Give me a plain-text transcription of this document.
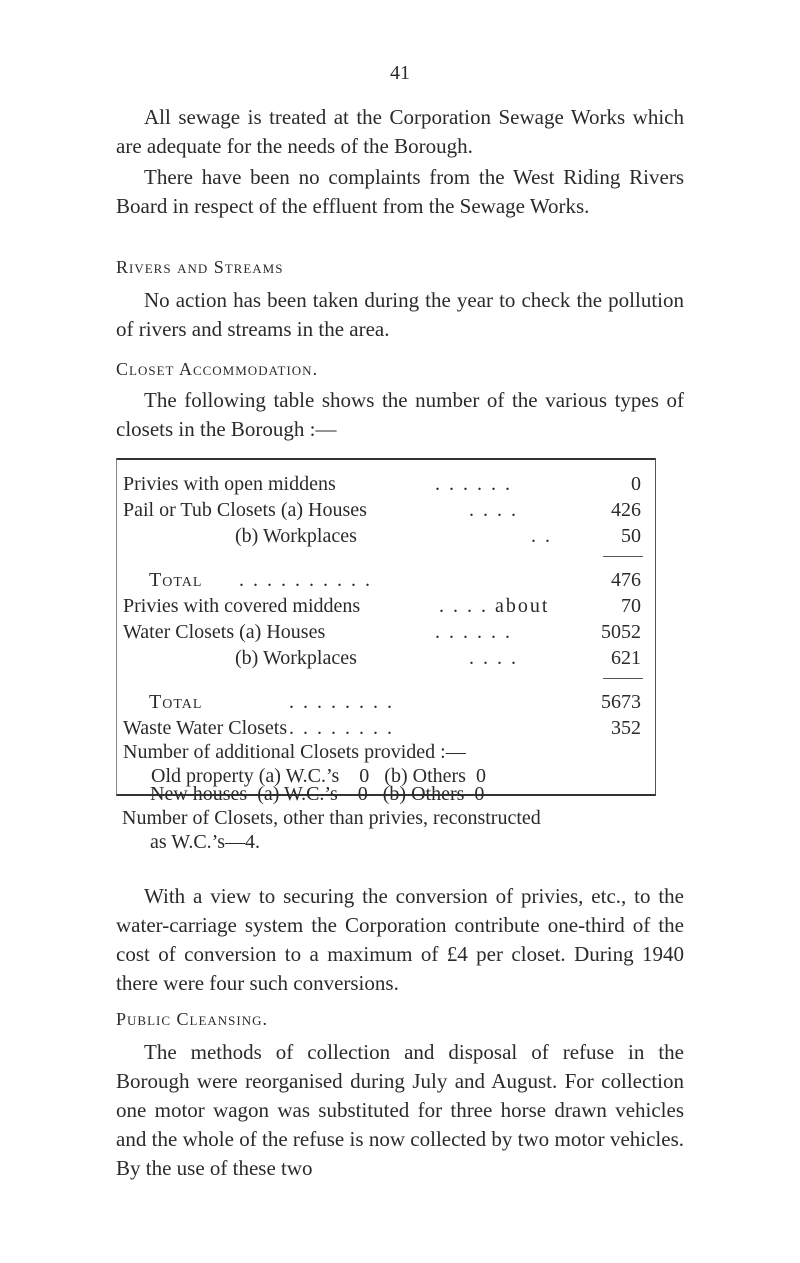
41

All sewage is treated at the Corporation Sewage Works which are adequate for the needs of the Borough.

There have been no complaints from the West Riding Rivers Board in respect of the effluent from the Sewage Works.

Rivers and Streams

No action has been taken during the year to check the pollution of rivers and streams in the area.

Closet Accommodation.

The following table shows the number of the various types of closets in the Borough :—

Privies with open middens	. . . . . .	0
Pail or Tub Closets (a) Houses	. . . .	426
(b) Workplaces	. .	50
Total . . . . . . . . . .	476
Privies with covered middens	. . . . about	70
Water Closets (a) Houses	. . . . . .	5052
(b) Workplaces	. . . .	621
Total	. . . . . . . .	5673
Waste Water Closets . . . . . . . .	352
Number of additional Closets provided :—
Old property (a) W.C.’s    0   (b) Others  0
New houses  (a) W.C.’s    0   (b) Others  0
Number of Closets, other than privies, reconstructed
as W.C.’s—4.

With a view to securing the conversion of privies, etc., to the water-carriage system the Corporation contribute one-third of the cost of conversion to a maximum of £4 per closet. During 1940 there were four such conversions.

Public Cleansing.

The methods of collection and disposal of refuse in the Borough were reorganised during July and August. For collection one motor wagon was substituted for three horse drawn vehicles and the whole of the refuse is now collected by two motor vehicles. By the use of these two
